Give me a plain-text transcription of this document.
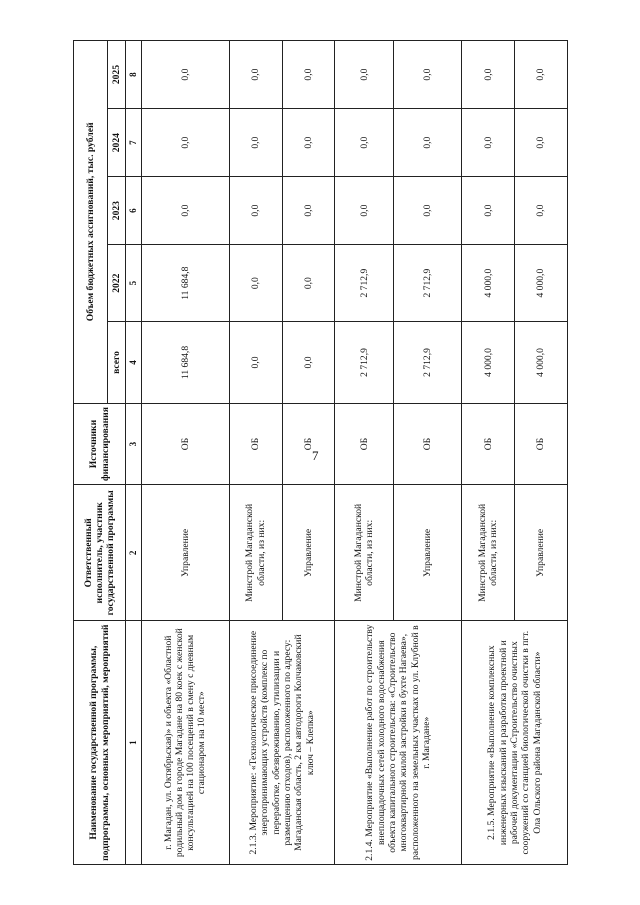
7
Наименование государственной программы, подпрограммы, основных мероприятий, мероприятий	Ответственный исполнитель, участник государственной программы	Источники финансирования	Объем бюджетных ассигнований, тыс. рублей				
			всего	2022	2023	2024	2025
1	2	3	4	5	6	7	8
г. Магадан, ул. Октябрьская)» и объекта «Областной родильный дом в городе Магадане на 80 коек с женской консультацией на 100 посещений в смену с дневным стационаром на 10 мест»	Управление	ОБ	11 684,8	11 684,8	0,0	0,0	0,0
2.1.3. Мероприятие: «Технологическое присоединение энергопринимающих устройств (комплекс по переработке, обезвреживанию, утилизации и размещению отходов), расположенного по адресу: Магаданская область, 2 км автодороги Колчаковский ключ – Клепка»	Минстрой Магаданской области, из них:	ОБ	0,0	0,0	0,0	0,0	0,0
	Управление	ОБ	0,0	0,0	0,0	0,0	0,0
2.1.4. Мероприятие «Выполнение работ по строительству внеплощадочных сетей холодного водоснабжения объекта капитального строительства: «Строительство многоквартирной жилой застройки в бухте Нагаева», расположенного на земельных участках по ул. Клубной в г. Магадане»	Минстрой Магаданской области, из них:	ОБ	2 712,9	2 712,9	0,0	0,0	0,0
	Управление	ОБ	2 712,9	2 712,9	0,0	0,0	0,0
2.1.5. Мероприятие «Выполнение комплексных инженерных изысканий и разработка проектной и рабочей документации «Строительство очистных сооружений со станцией биологической очистки в пгт. Ола Ольского района Магаданской области»	Минстрой Магаданской области, из них:	ОБ	4 000,0	4 000,0	0,0	0,0	0,0
	Управление	ОБ	4 000,0	4 000,0	0,0	0,0	0,0
